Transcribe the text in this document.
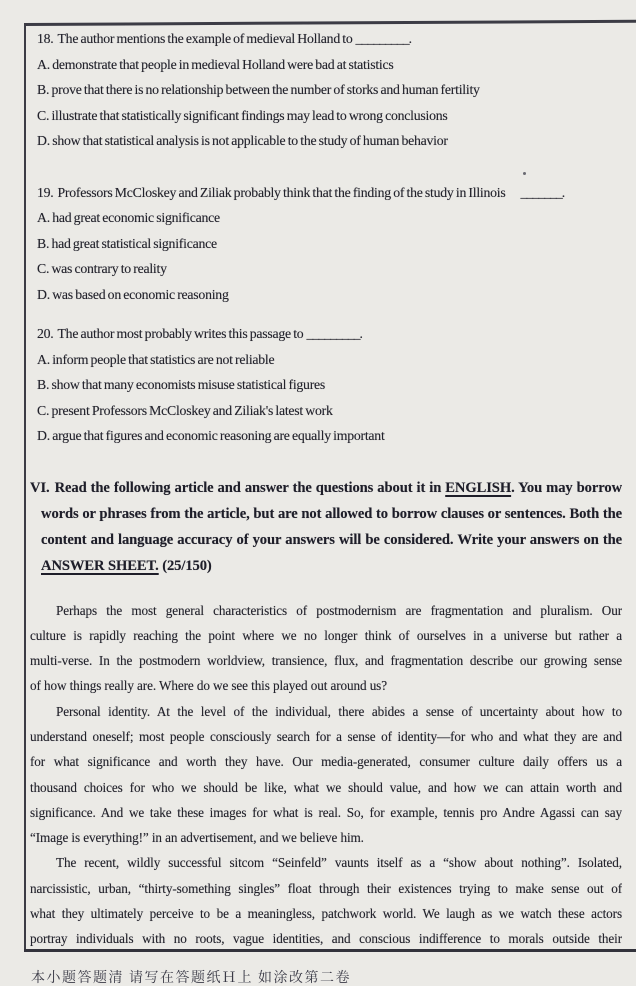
18. The author mentions the example of medieval Holland to _________.
A. demonstrate that people in medieval Holland were bad at statistics
B. prove that there is no relationship between the number of storks and human fertility
C. illustrate that statistically significant findings may lead to wrong conclusions
D. show that statistical analysis is not applicable to the study of human behavior
19. Professors McCloskey and Ziliak probably think that the finding of the study in Illinois _______.
A. had great economic significance
B. had great statistical significance
C. was contrary to reality
D. was based on economic reasoning
20. The author most probably writes this passage to _________.
A. inform people that statistics are not reliable
B. show that many economists misuse statistical figures
C. present Professors McCloskey and Ziliak's latest work
D. argue that figures and economic reasoning are equally important
VI. Read the following article and answer the questions about it in ENGLISH. You may borrow words or phrases from the article, but are not allowed to borrow clauses or sentences. Both the content and language accuracy of your answers will be considered. Write your answers on the ANSWER SHEET. (25/150)
Perhaps the most general characteristics of postmodernism are fragmentation and pluralism. Our
culture is rapidly reaching the point where we no longer think of ourselves in a universe but rather a
multi-verse. In the postmodern worldview, transience, flux, and fragmentation describe our growing sense
of how things really are. Where do we see this played out around us?
Personal identity. At the level of the individual, there abides a sense of uncertainty about how to
understand oneself; most people consciously search for a sense of identity—for who and what they are and
for what significance and worth they have. Our media-generated, consumer culture daily offers us a
thousand choices for who we should be like, what we should value, and how we can attain worth and
significance. And we take these images for what is real. So, for example, tennis pro Andre Agassi can say
“Image is everything!” in an advertisement, and we believe him.
The recent, wildly successful sitcom “Seinfeld” vaunts itself as a “show about nothing”. Isolated,
narcissistic, urban, “thirty-something singles” float through their existences trying to make sense out of
what they ultimately perceive to be a meaningless, patchwork world. We laugh as we watch these actors
portray individuals with no roots, vague identities, and conscious indifference to morals outside their
本小题答题清 请写在答题纸Ｈ上 如涂改第二卷
